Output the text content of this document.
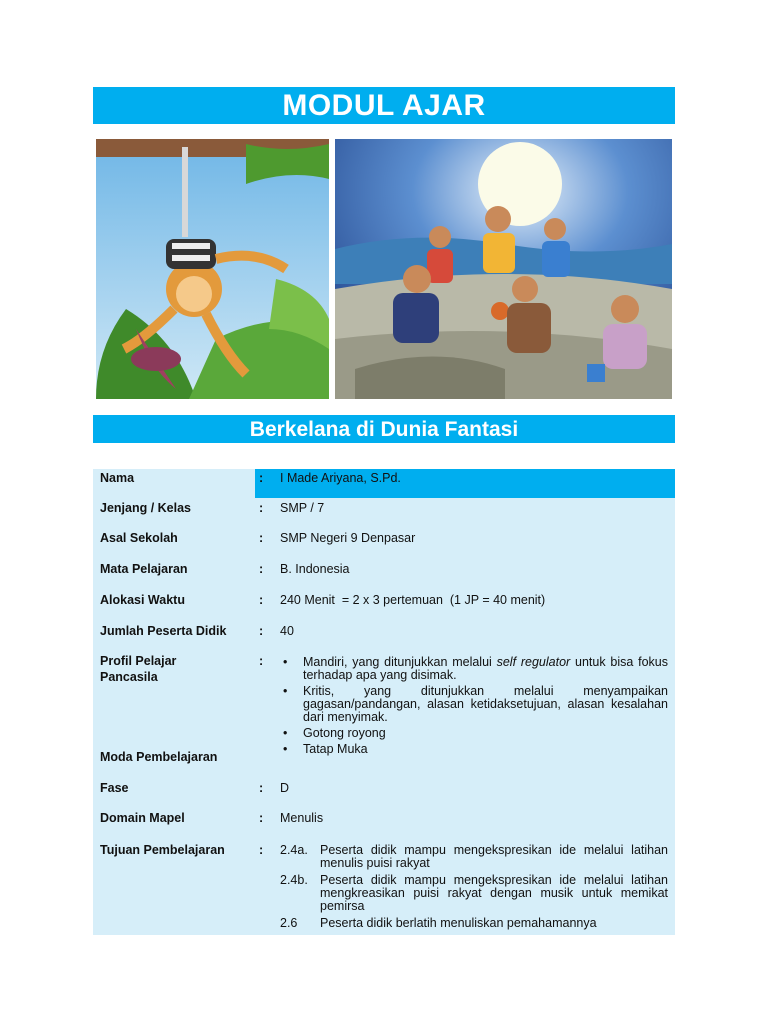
MODUL AJAR
Berkelana di Dunia Fantasi
Nama	: I Made Ariyana, S.Pd.
Jenjang / Kelas	: SMP / 7
Asal Sekolah	: SMP Negeri 9 Denpasar
Mata Pelajaran	: B. Indonesia
Alokasi Waktu	: 240 Menit  = 2 x 3 pertemuan  (1 JP = 40 menit)
Jumlah Peserta Didik	: 40
Profil Pelajar
Pancasila
:
•	Mandiri, yang ditunjukkan melalui self regulator untuk bisa fokus terhadap apa yang disimak.
• Kritis, yang ditunjukkan melalui menyampaikan gagasan/pandangan, alasan ketidaksetujuan, alasan kesalahan dari menyimak.
• Gotong royong
• Tatap Muka
Moda Pembelajaran
Fase	: D
Domain Mapel	: Menulis
Tujuan Pembelajaran	: 2.4a. Peserta didik mampu mengekspresikan ide melalui latihan menulis puisi rakyat
2.4b. Peserta didik mampu mengekspresikan ide melalui latihan mengkreasikan puisi rakyat dengan musik untuk memikat pemirsa
2.6 Peserta didik berlatih menuliskan pemahamannya
